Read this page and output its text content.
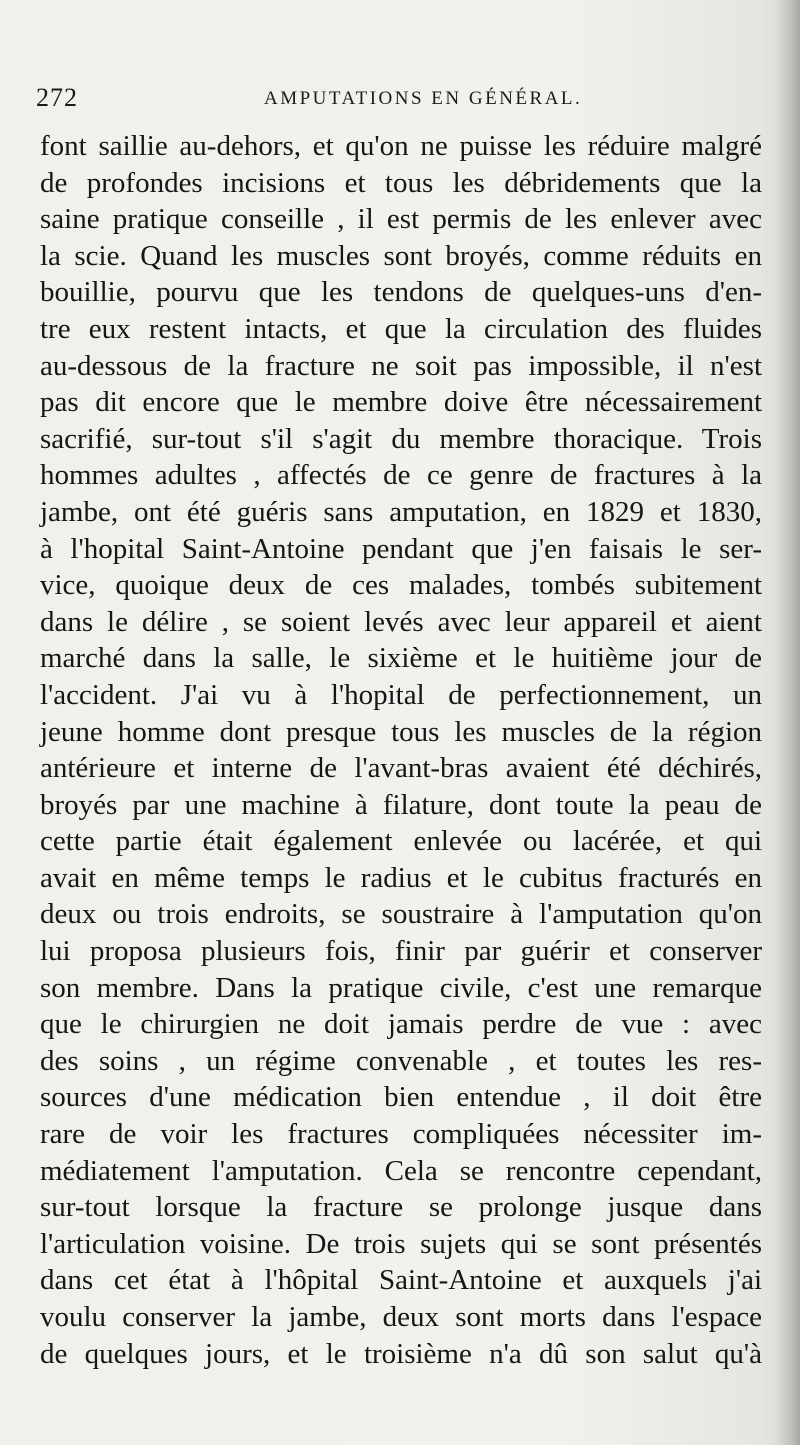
272	AMPUTATIONS EN GÉNÉRAL.
font saillie au-dehors, et qu'on ne puisse les réduire malgré
de profondes incisions et tous les débridements que la
saine pratique conseille , il est permis de les enlever avec
la scie. Quand les muscles sont broyés, comme réduits en
bouillie, pourvu que les tendons de quelques-uns d'en-
tre eux restent intacts, et que la circulation des fluides
au-dessous de la fracture ne soit pas impossible, il n'est
pas dit encore que le membre doive être nécessairement
sacrifié, sur-tout s'il s'agit du membre thoracique. Trois
hommes adultes , affectés de ce genre de fractures à la
jambe, ont été guéris sans amputation, en 1829 et 1830,
à l'hopital Saint-Antoine pendant que j'en faisais le ser-
vice, quoique deux de ces malades, tombés subitement
dans le délire , se soient levés avec leur appareil et aient
marché dans la salle, le sixième et le huitième jour de
l'accident. J'ai vu à l'hopital de perfectionnement, un
jeune homme dont presque tous les muscles de la région
antérieure et interne de l'avant-bras avaient été déchirés,
broyés par une machine à filature, dont toute la peau de
cette partie était également enlevée ou lacérée, et qui
avait en même temps le radius et le cubitus fracturés en
deux ou trois endroits, se soustraire à l'amputation qu'on
lui proposa plusieurs fois, finir par guérir et conserver
son membre. Dans la pratique civile, c'est une remarque
que le chirurgien ne doit jamais perdre de vue : avec
des soins , un régime convenable , et toutes les res-
sources d'une médication bien entendue , il doit être
rare de voir les fractures compliquées nécessiter im-
médiatement l'amputation. Cela se rencontre cependant,
sur-tout lorsque la fracture se prolonge jusque dans
l'articulation voisine. De trois sujets qui se sont présentés
dans cet état à l'hôpital Saint-Antoine et auxquels j'ai
voulu conserver la jambe, deux sont morts dans l'espace
de quelques jours, et le troisième n'a dû son salut qu'à
